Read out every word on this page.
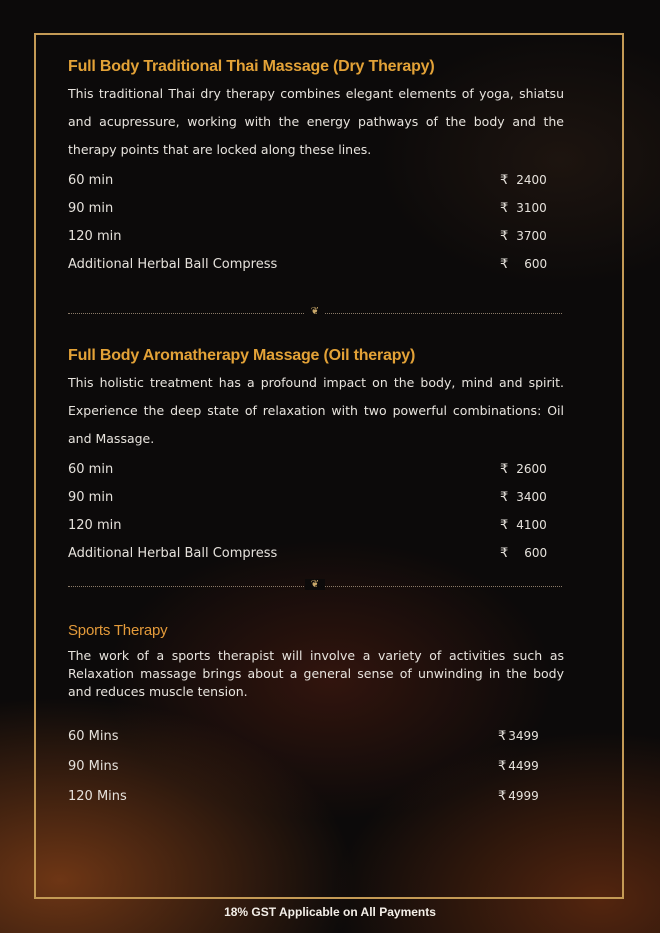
Full Body Traditional Thai Massage (Dry Therapy)

This traditional Thai dry therapy combines elegant elements of yoga, shiatsu and acupressure, working with the energy pathways of the body and the therapy points that are locked along these lines.

60 min	₹ 2400
90 min	₹ 3100
120 min	₹ 3700
Additional Herbal Ball Compress	₹ 600
❦
Full Body Aromatherapy Massage (Oil therapy)

This holistic treatment has a profound impact on the body, mind and spirit. Experience the deep state of relaxation with two powerful combinations: Oil and Massage.

60 min	₹ 2600
90 min	₹ 3400
120 min	₹ 4100
Additional Herbal Ball Compress	₹ 600
❦
Sports Therapy

The work of a sports therapist will involve a variety of activities such as Relaxation massage brings about a general sense of unwinding in the body and reduces muscle tension.

60 Mins	₹ 3499
90 Mins	₹ 4499
120 Mins	₹ 4999
18% GST Applicable on All Payments
